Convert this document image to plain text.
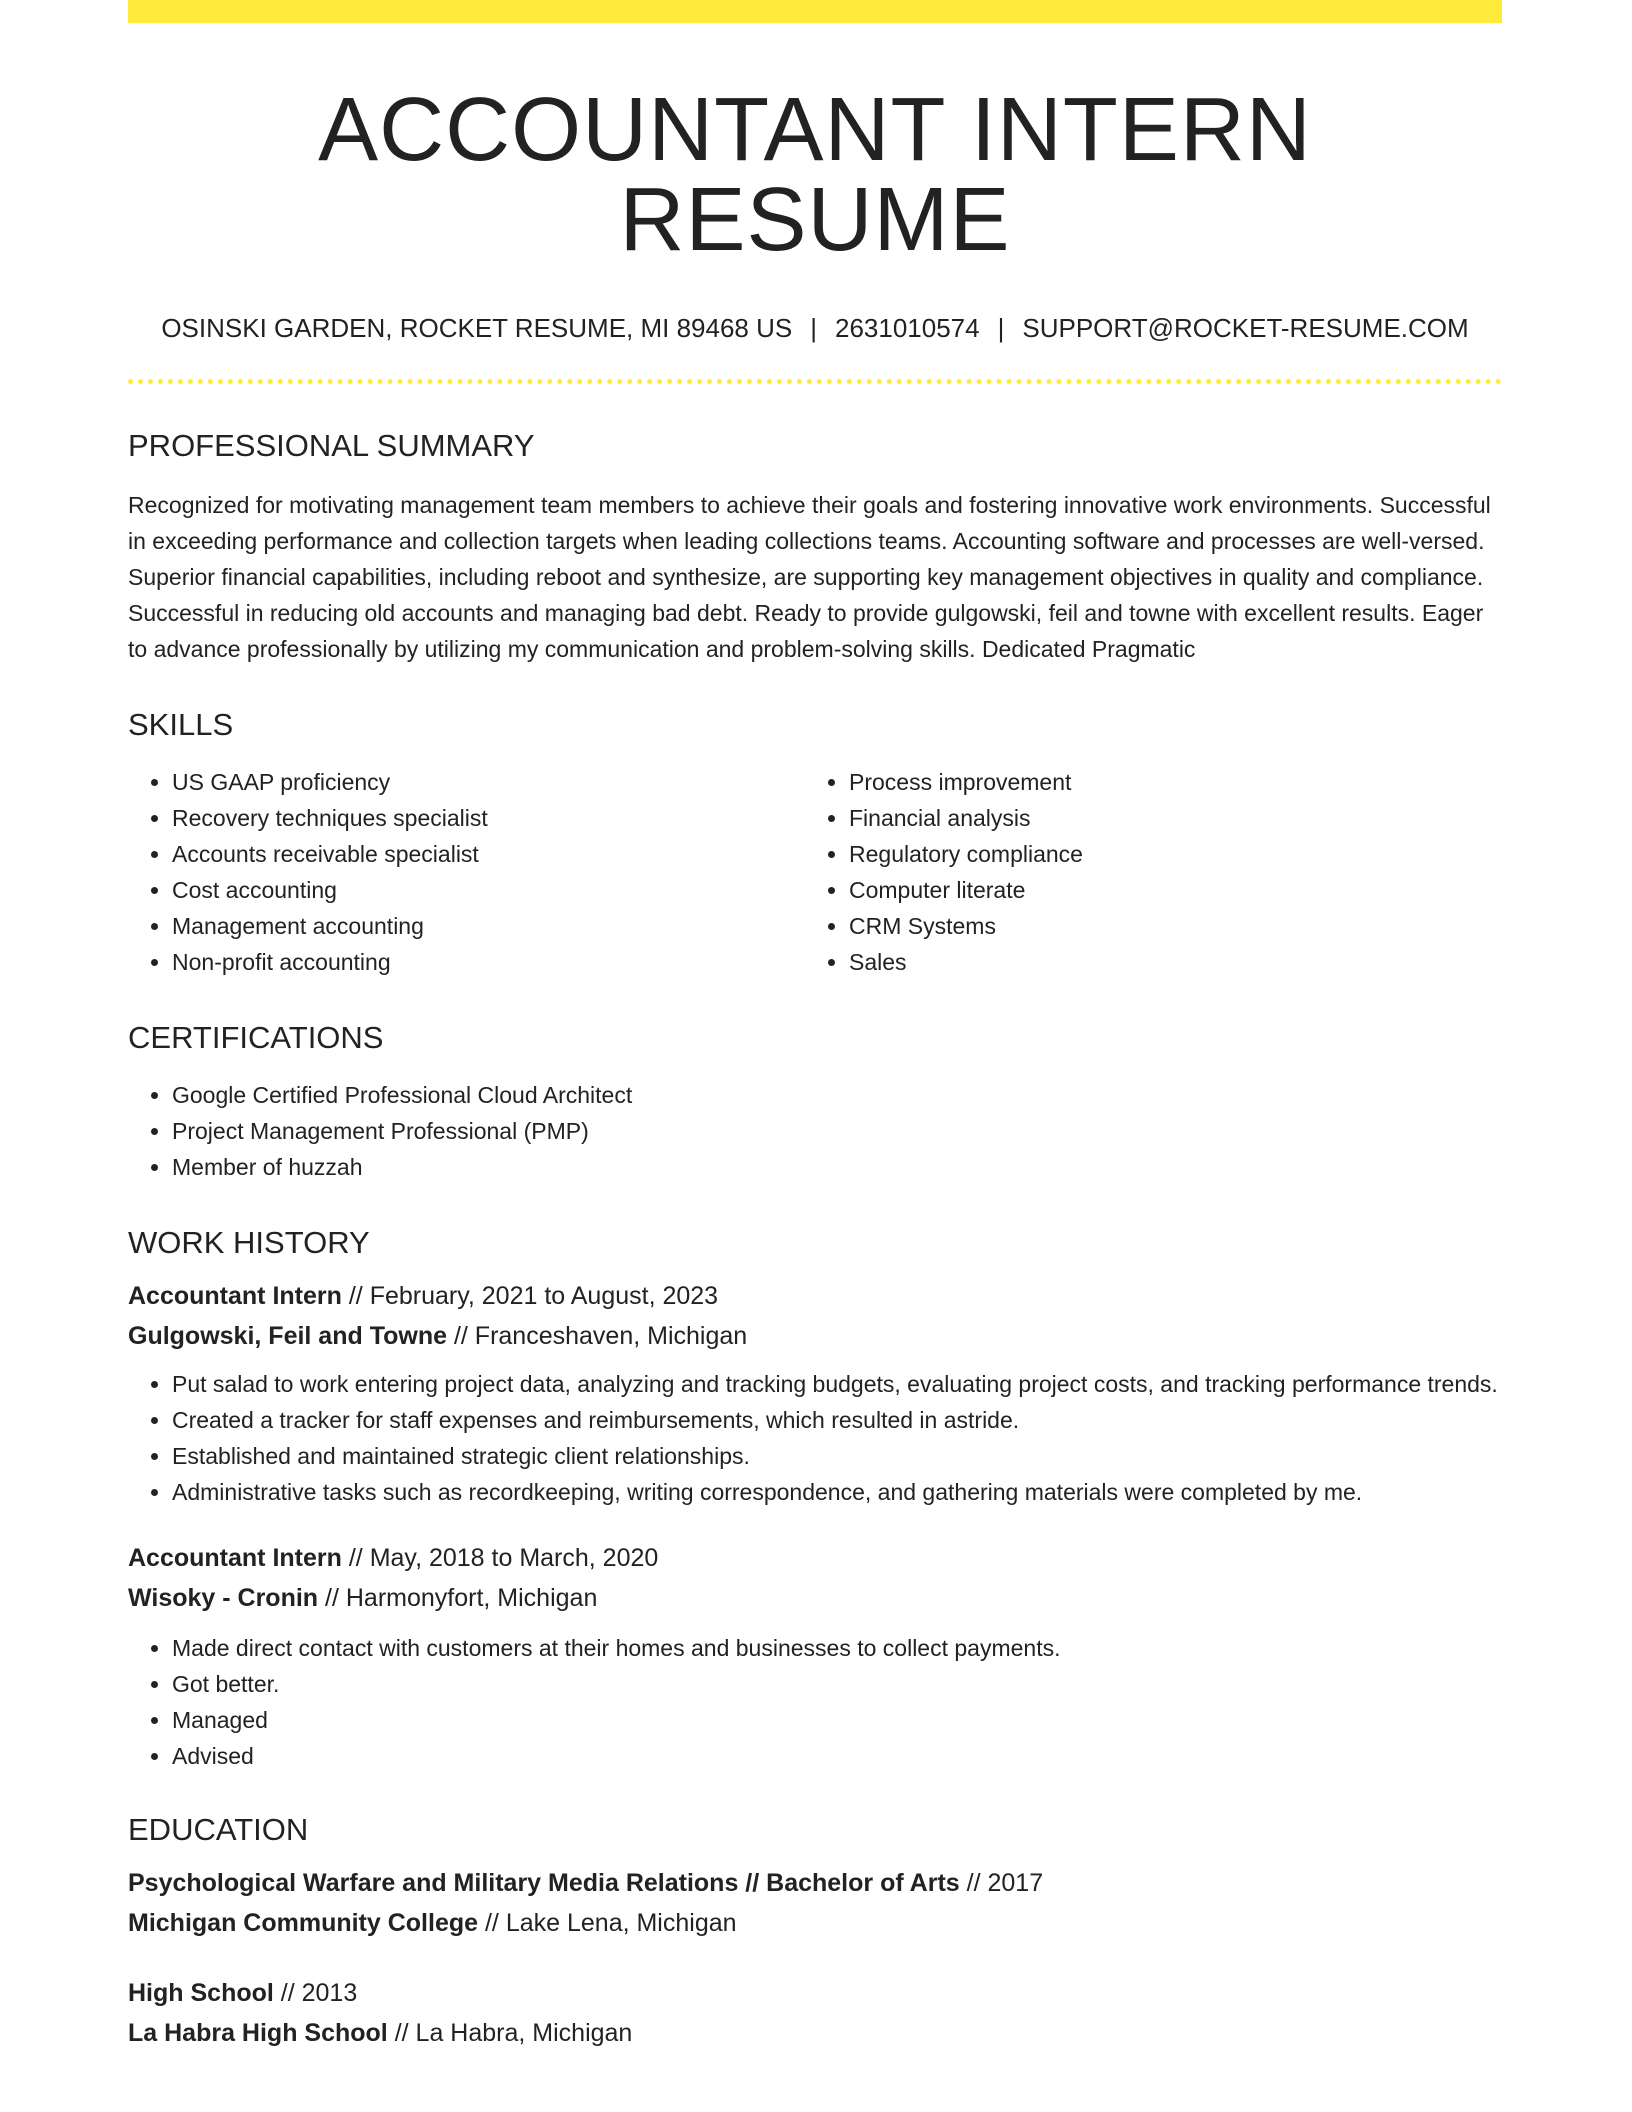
ACCOUNTANT INTERN RESUME
OSINSKI GARDEN, ROCKET RESUME, MI 89468 US | 2631010574 | SUPPORT@ROCKET-RESUME.COM
PROFESSIONAL SUMMARY

Recognized for motivating management team members to achieve their goals and fostering innovative work environments. Successful in exceeding performance and collection targets when leading collections teams. Accounting software and processes are well-versed. Superior financial capabilities, including reboot and synthesize, are supporting key management objectives in quality and compliance. Successful in reducing old accounts and managing bad debt. Ready to provide gulgowski, feil and towne with excellent results. Eager to advance professionally by utilizing my communication and problem-solving skills. Dedicated Pragmatic

SKILLS
• US GAAP proficiency
• Recovery techniques specialist
• Accounts receivable specialist
• Cost accounting
• Management accounting
• Non-profit accounting
• Process improvement
• Financial analysis
• Regulatory compliance
• Computer literate
• CRM Systems
• Sales
CERTIFICATIONS
• Google Certified Professional Cloud Architect
• Project Management Professional (PMP)
• Member of huzzah
WORK HISTORY
Accountant Intern // February, 2021 to August, 2023
Gulgowski, Feil and Towne // Franceshaven, Michigan
• Put salad to work entering project data, analyzing and tracking budgets, evaluating project costs, and tracking performance trends.
• Created a tracker for staff expenses and reimbursements, which resulted in astride.
• Established and maintained strategic client relationships.
• Administrative tasks such as recordkeeping, writing correspondence, and gathering materials were completed by me.
Accountant Intern // May, 2018 to March, 2020
Wisoky - Cronin // Harmonyfort, Michigan
• Made direct contact with customers at their homes and businesses to collect payments.
• Got better.
• Managed
• Advised
EDUCATION
Psychological Warfare and Military Media Relations // Bachelor of Arts // 2017
Michigan Community College // Lake Lena, Michigan
High School // 2013
La Habra High School // La Habra, Michigan
